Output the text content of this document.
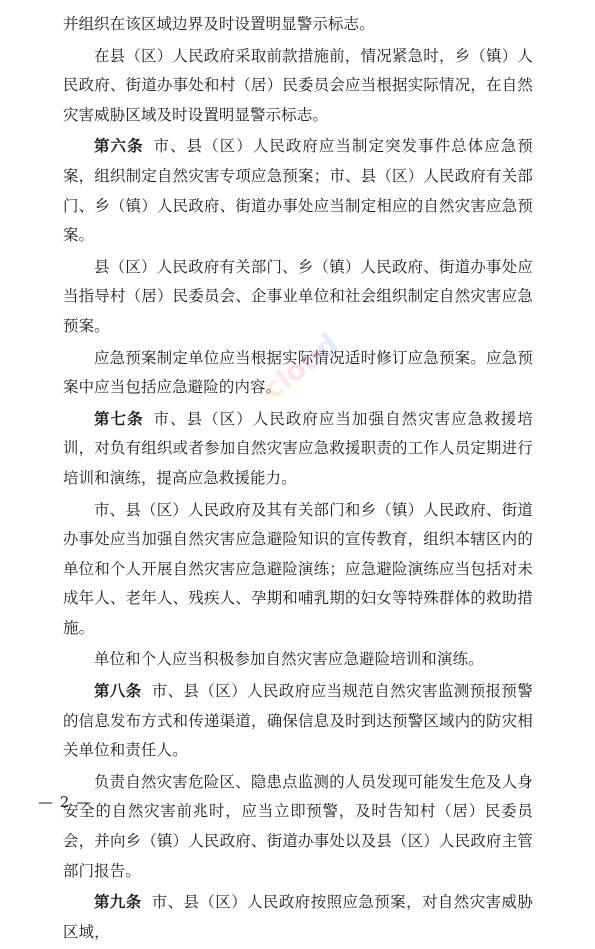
并组织在该区域边界及时设置明显警示标志。

在县（区）人民政府采取前款措施前，情况紧急时，乡（镇）人民政府、街道办事处和村（居）民委员会应当根据实际情况，在自然灾害威胁区域及时设置明显警示标志。

第六条 市、县（区）人民政府应当制定突发事件总体应急预案，组织制定自然灾害专项应急预案；市、县（区）人民政府有关部门、乡（镇）人民政府、街道办事处应当制定相应的自然灾害应急预案。

县（区）人民政府有关部门、乡（镇）人民政府、街道办事处应当指导村（居）民委员会、企事业单位和社会组织制定自然灾害应急预案。

应急预案制定单位应当根据实际情况适时修订应急预案。应急预案中应当包括应急避险的内容。

第七条 市、县（区）人民政府应当加强自然灾害应急救援培训，对负有组织或者参加自然灾害应急救援职责的工作人员定期进行培训和演练，提高应急救援能力。

市、县（区）人民政府及其有关部门和乡（镇）人民政府、街道办事处应当加强自然灾害应急避险知识的宣传教育，组织本辖区内的单位和个人开展自然灾害应急避险演练；应急避险演练应当包括对未成年人、老年人、残疾人、孕期和哺乳期的妇女等特殊群体的救助措施。

单位和个人应当积极参加自然灾害应急避险培训和演练。

第八条 市、县（区）人民政府应当规范自然灾害监测预报预警的信息发布方式和传递渠道，确保信息及时到达预警区域内的防灾相关单位和责任人。

负责自然灾害危险区、隐患点监测的人员发现可能发生危及人身安全的自然灾害前兆时，应当立即预警，及时告知村（居）民委员会，并向乡（镇）人民政府、街道办事处以及县（区）人民政府主管部门报告。

第九条 市、县（区）人民政府按照应急预案，对自然灾害威胁区域，

cloud
— 2 —
